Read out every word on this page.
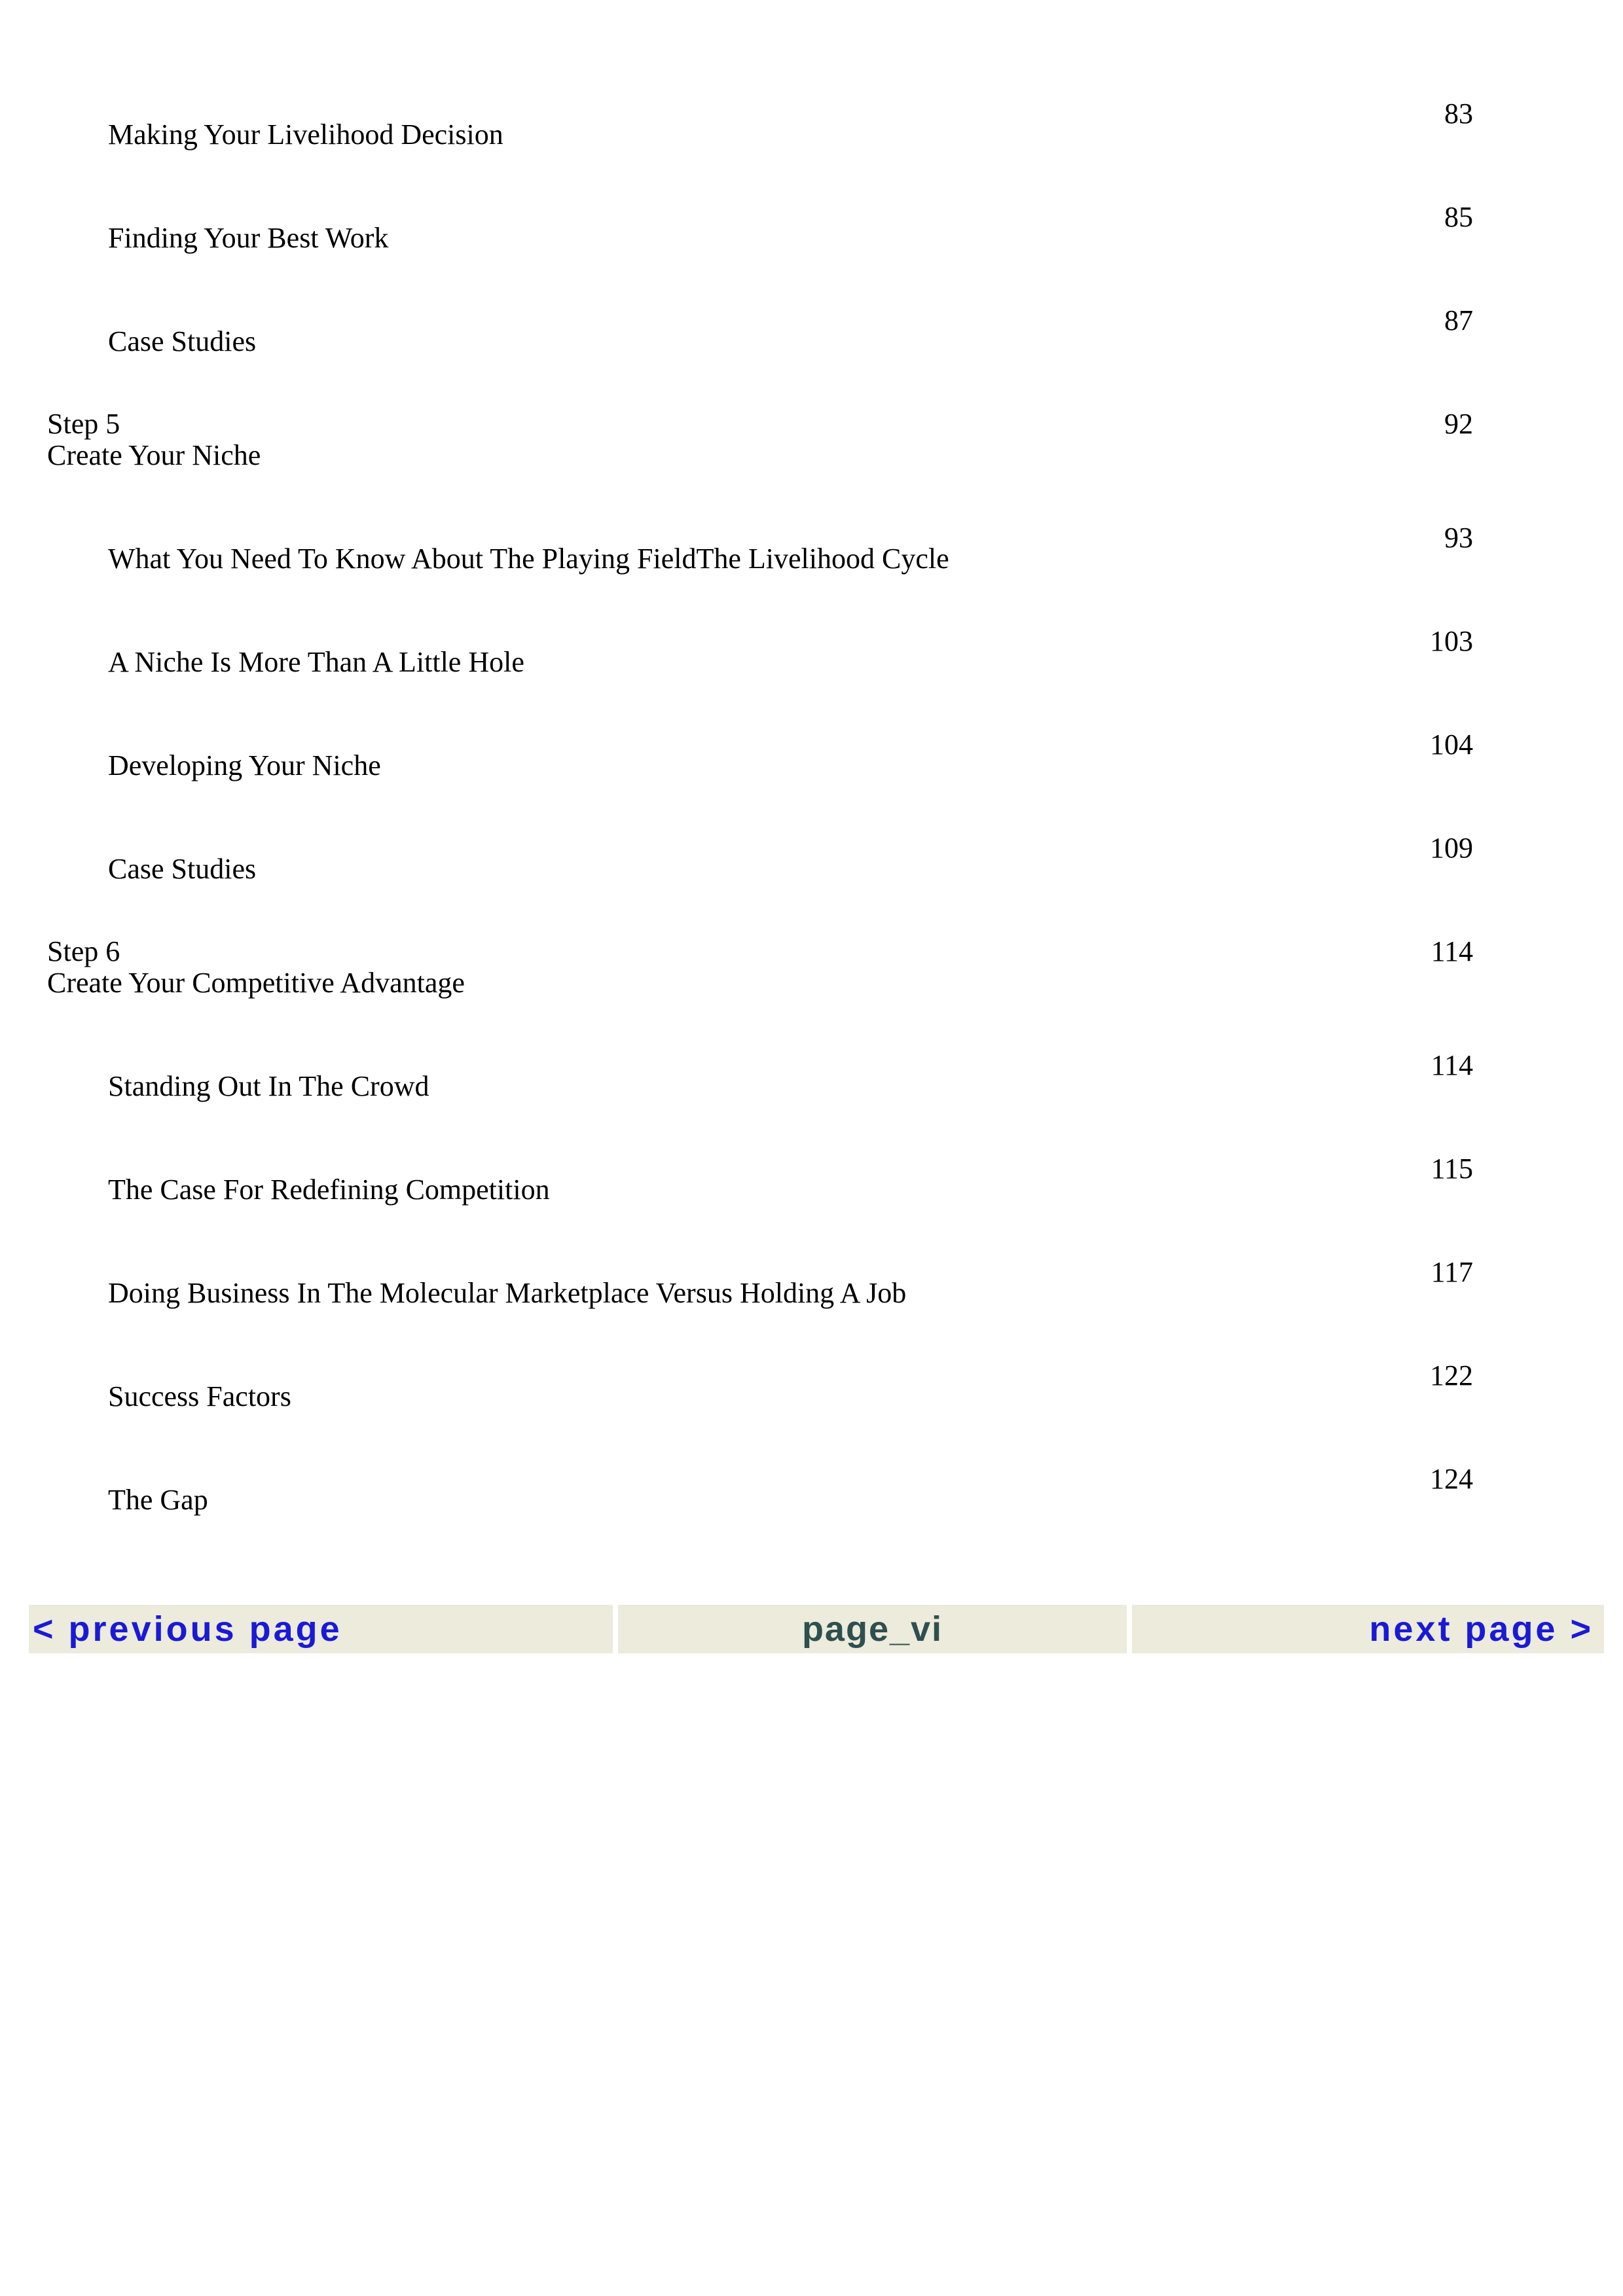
Making Your Livelihood Decision
83
Finding Your Best Work
85
Case Studies
87
Step 5
Create Your Niche
92
What You Need To Know About The Playing FieldThe Livelihood Cycle
93
A Niche Is More Than A Little Hole
103
Developing Your Niche
104
Case Studies
109
Step 6
Create Your Competitive Advantage
114
Standing Out In The Crowd
114
The Case For Redefining Competition
115
Doing Business In The Molecular Marketplace Versus Holding A Job
117
Success Factors
122
The Gap
124
< previous page	page_vi	next page >
